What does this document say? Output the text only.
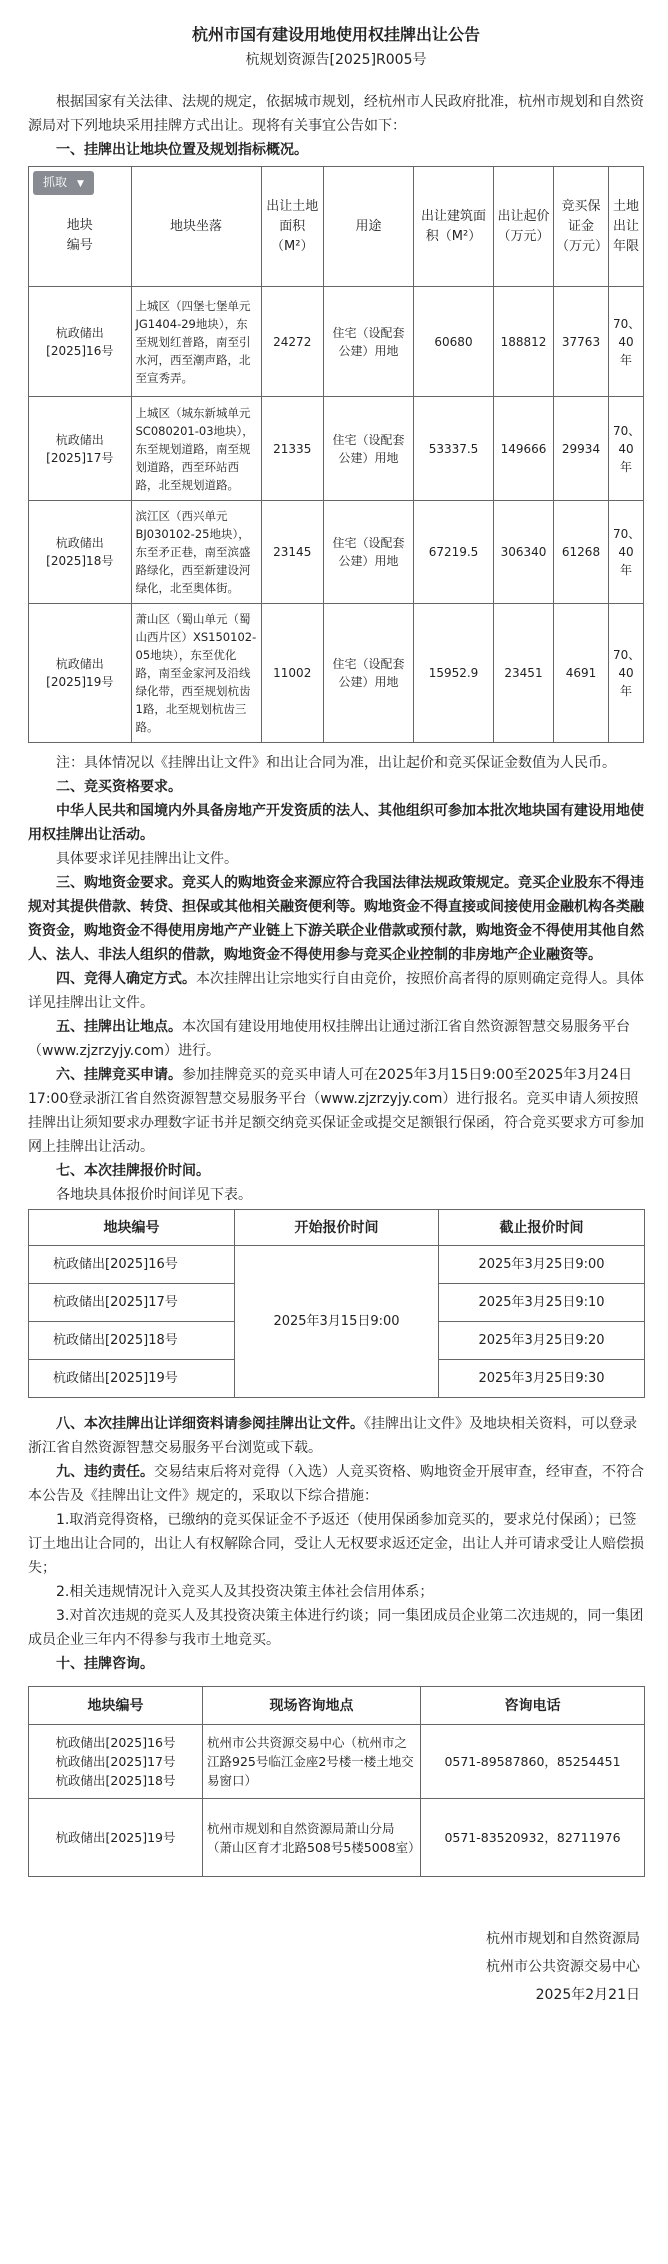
杭州市国有建设用地使用权挂牌出让公告
杭规划资源告[2025]R005号

根据国家有关法律、法规的规定，依据城市规划，经杭州市人民政府批准，杭州市规划和自然资源局对下列地块采用挂牌方式出让。现将有关事宜公告如下：

一、挂牌出让地块位置及规划指标概况。

抓取 ▼
地块编号	地块坐落	出让土地面积（M²）	用途	出让建筑面积（M²）	出让起价（万元）	竞买保证金（万元）	土地出让年限
杭政储出[2025]16号	上城区（四堡七堡单元JG1404-29地块），东至规划红普路，南至引水河，西至潮声路，北至宣秀弄。	24272	住宅（设配套公建）用地	60680	188812	37763	70、40年
杭政储出[2025]17号	上城区（城东新城单元SC080201-03地块），东至规划道路，南至规划道路，西至环站西路，北至规划道路。	21335	住宅（设配套公建）用地	53337.5	149666	29934	70、40年
杭政储出[2025]18号	滨江区（西兴单元BJ030102-25地块），东至矛正巷，南至滨盛路绿化，西至新建设河绿化，北至奥体街。	23145	住宅（设配套公建）用地	67219.5	306340	61268	70、40年
杭政储出[2025]19号	萧山区（蜀山单元（蜀山西片区）XS150102-05地块），东至优化路，南至金家河及沿线绿化带，西至规划杭齿1路，北至规划杭齿三路。	11002	住宅（设配套公建）用地	15952.9	23451	4691	70、40年

注：具体情况以《挂牌出让文件》和出让合同为准，出让起价和竞买保证金数值为人民币。

二、竞买资格要求。

中华人民共和国境内外具备房地产开发资质的法人、其他组织可参加本批次地块国有建设用地使用权挂牌出让活动。

具体要求详见挂牌出让文件。

三、购地资金要求。竞买人的购地资金来源应符合我国法律法规政策规定。竞买企业股东不得违规对其提供借款、转贷、担保或其他相关融资便利等。购地资金不得直接或间接使用金融机构各类融资资金，购地资金不得使用房地产产业链上下游关联企业借款或预付款，购地资金不得使用其他自然人、法人、非法人组织的借款，购地资金不得使用参与竞买企业控制的非房地产企业融资等。

四、竞得人确定方式。本次挂牌出让宗地实行自由竞价，按照价高者得的原则确定竞得人。具体详见挂牌出让文件。

五、挂牌出让地点。本次国有建设用地使用权挂牌出让通过浙江省自然资源智慧交易服务平台（www.zjzrzyjy.com）进行。

六、挂牌竞买申请。参加挂牌竞买的竞买申请人可在2025年3月15日9:00至2025年3月24日17:00登录浙江省自然资源智慧交易服务平台（www.zjzrzyjy.com）进行报名。竞买申请人须按照挂牌出让须知要求办理数字证书并足额交纳竞买保证金或提交足额银行保函，符合竞买要求方可参加网上挂牌出让活动。

七、本次挂牌报价时间。

各地块具体报价时间详见下表。

地块编号	开始报价时间	截止报价时间
杭政储出[2025]16号	2025年3月15日9:00	2025年3月25日9:00
杭政储出[2025]17号		2025年3月25日9:10
杭政储出[2025]18号		2025年3月25日9:20
杭政储出[2025]19号		2025年3月25日9:30

八、本次挂牌出让详细资料请参阅挂牌出让文件。《挂牌出让文件》及地块相关资料，可以登录浙江省自然资源智慧交易服务平台浏览或下载。

九、违约责任。交易结束后将对竞得（入选）人竞买资格、购地资金开展审查，经审查，不符合本公告及《挂牌出让文件》规定的，采取以下综合措施：

1.取消竞得资格，已缴纳的竞买保证金不予返还（使用保函参加竞买的，要求兑付保函）；已签订土地出让合同的，出让人有权解除合同，受让人无权要求返还定金，出让人并可请求受让人赔偿损失；

2.相关违规情况计入竞买人及其投资决策主体社会信用体系；

3.对首次违规的竞买人及其投资决策主体进行约谈；同一集团成员企业第二次违规的，同一集团成员企业三年内不得参与我市土地竞买。

十、挂牌咨询。

地块编号	现场咨询地点	咨询电话

杭政储出[2025]16号
杭政储出[2025]17号
杭政储出[2025]18号	杭州市公共资源交易中心（杭州市之江路925号临江金座2号楼一楼土地交易窗口）	0571-89587860，85254451

杭政储出[2025]19号	杭州市规划和自然资源局萧山分局（萧山区育才北路508号5楼5008室）	0571-83520932，82711976
杭州市规划和自然资源局
杭州市公共资源交易中心
2025年2月21日
